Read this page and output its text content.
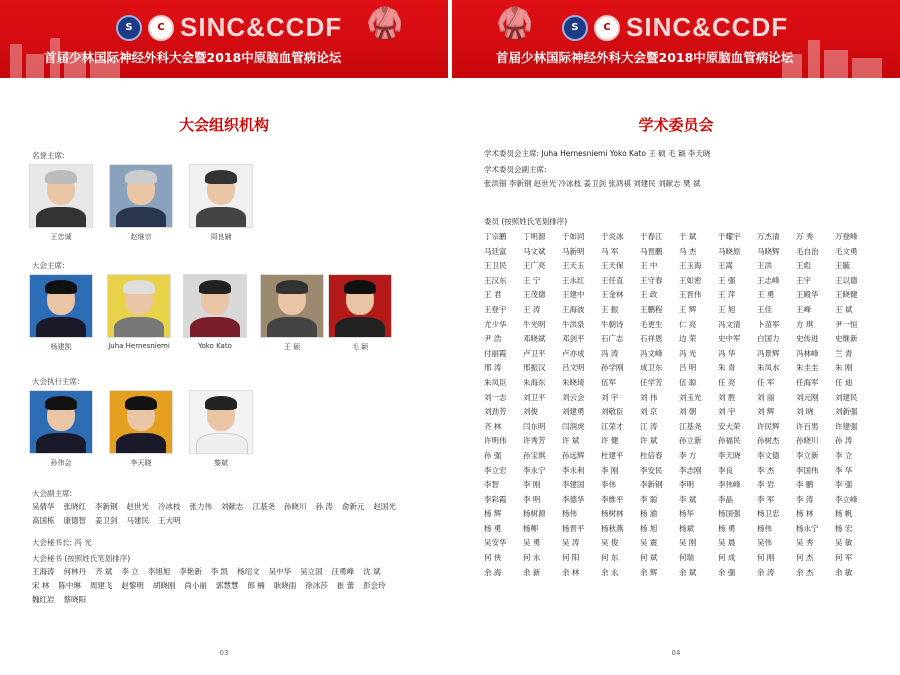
S	C SINC&CCDF 🥋
首届少林国际神经外科大会暨2018中原脑血管病论坛
🥋	S	C SINC&CCDF
首届少林国际神经外科大会暨2018中原脑血管病论坛
大会组织机构
名誉主席:
王忠诚	赵继宗	周良辅
大会主席:
杨建凯	Juha Hernesniemi	Yoko Kato	王 硕	毛 颖
大会执行主席:
孙伟会	李天晓	黎斌
大会副主席:
吴倩华 张晓红 李新钢 赵世光 冷冰枝 张力伟 刘献志 江基尧 孙晓川 孙 涛 俞新元 赵国光高国栋 康德智 姜卫剑 马建民 王大明
大会秘书长: 冯 光
大会秘书 (按照姓氏笔划排序)
王海涛 何林丹 齐 斌 李 立 李旭旭 李艳新 李 凯 杨绍文 吴中华 吴立国 汪勇峰 沈 斌宋 林 陈中琳 周建飞 赵黎明 胡晓刚 尚小丽 郭慧慧 郎 楠 耿晓雨 徐冰莎 崔 蕾 彭会玲魏红岩 蔡晓阳
03
学术委员会
学术委员会主席: Juha Hernesniemi Yoko Kato 王 硕 毛 颖 李天晓
学术委员会副主席:
张洪钿 李新钢 赵世光 冷冰枝 姜卫剑 张鸿祺 刘建民 刘献志 樊 斌
委员 (按照姓氏笔划排序)
丁宗鹏	丁明源	于如同	于炎冰	于春江	于 斌	于耀宇	万杰清	万 秀	万登峰
马廷富	马文斌	马新明	马 军	马晋鹏	马 杰	马晓原	马晓辉	毛自治	毛文勇
王卫民	王广亮	王天玉	王天保	王 中	王玉海	王嵩	王洪	王彪	王毓
王汉东	王 宁	王永红	王任直	王守春	王如密	王 强	王志峰	王宇	王以德
王 君	王茂德	王建中	王金林	王 政	王晋伟	王 萍	王 勇	王殿华	王晓健
王登宇	王 涛	王海波	王 振	王鹏程	王 辉	王 旭	王佳	王峰	王 斌
尤少华	牛光明	牛洪泉	牛朝诗	毛更生	仁 亮	冯文清	卜苗军	方 琪	尹一恒
尹 浩	邓晓斌	邓剑平	石广志	石祥恩	边 荣	史中军	白国力	史传进	史继新
付丽霞	卢卫平	卢亦成	冯 涛	冯文峰	冯 光	冯 华	冯景辉	冯林峰	兰 青
邢 涛	邢振汉	吕文明	孙学刚	成卫东	吕 明	朱 青	朱凤水	朱圭圭	朱 刚
朱凤臣	朱海东	朱晓琦	伍军	任学芳	伍 聪	任 亮	任 军	任海军	任 迪
刘一志	刘卫平	刘云会	刘 宇	刘 伟	刘玉光	刘 胜	刘 丽	刘元刚	刘建民
刘劲芳	刘俊	刘建勇	刘敬臣	刘 京	刘 朝	刘 宇	刘 辉	刘 晓	刘新强
齐 林	闫东明	闫润虎	江荣才	江 涛	江基尧	安大荣	许民辉	许百男	许建强
许明伟	许秀芳	许 斌	许 健	许 斌	孙立新	孙福民	孙树杰	孙晓川	孙 涛
孙 强	孙宝琪	孙远辉	杜建平	杜倍春	李 方	李天晓	李文德	李立新	李 立
李立宏	李永宁	李永利	李 刚	李安民	李志刚	李良	李 杰	李国伟	李 华
李智	李 刚	李建国	李伟	李新钢	李明	李伟峰	李 岩	李 鹏	李 强
李彩霞	李 明	李德华	李维平	李 聪	李 斌	李晶	李 军	李 涛	李立峰
杨 辉	杨树源	杨伟	杨树林	杨 渝	杨华	杨国强	杨卫忠	杨 林	杨 帆
杨 勇	杨柳	杨晋平	杨秋燕	杨 旭	杨斌	杨 勇	杨伟	杨永宁	杨 宏
吴安华	吴 勇	吴 涛	吴 俊	吴 震	吴 刚	吴 晨	吴伟	吴 秀	吴 敏
何 侠	何 永	何 阳	何 东	何 斌	何瑞	何 成	何 刚	何 杰	何 军
余 海	余 新	余 林	余 永	余 辉	余 斌	余 强	余 涛	余 杰	余 敏
04
